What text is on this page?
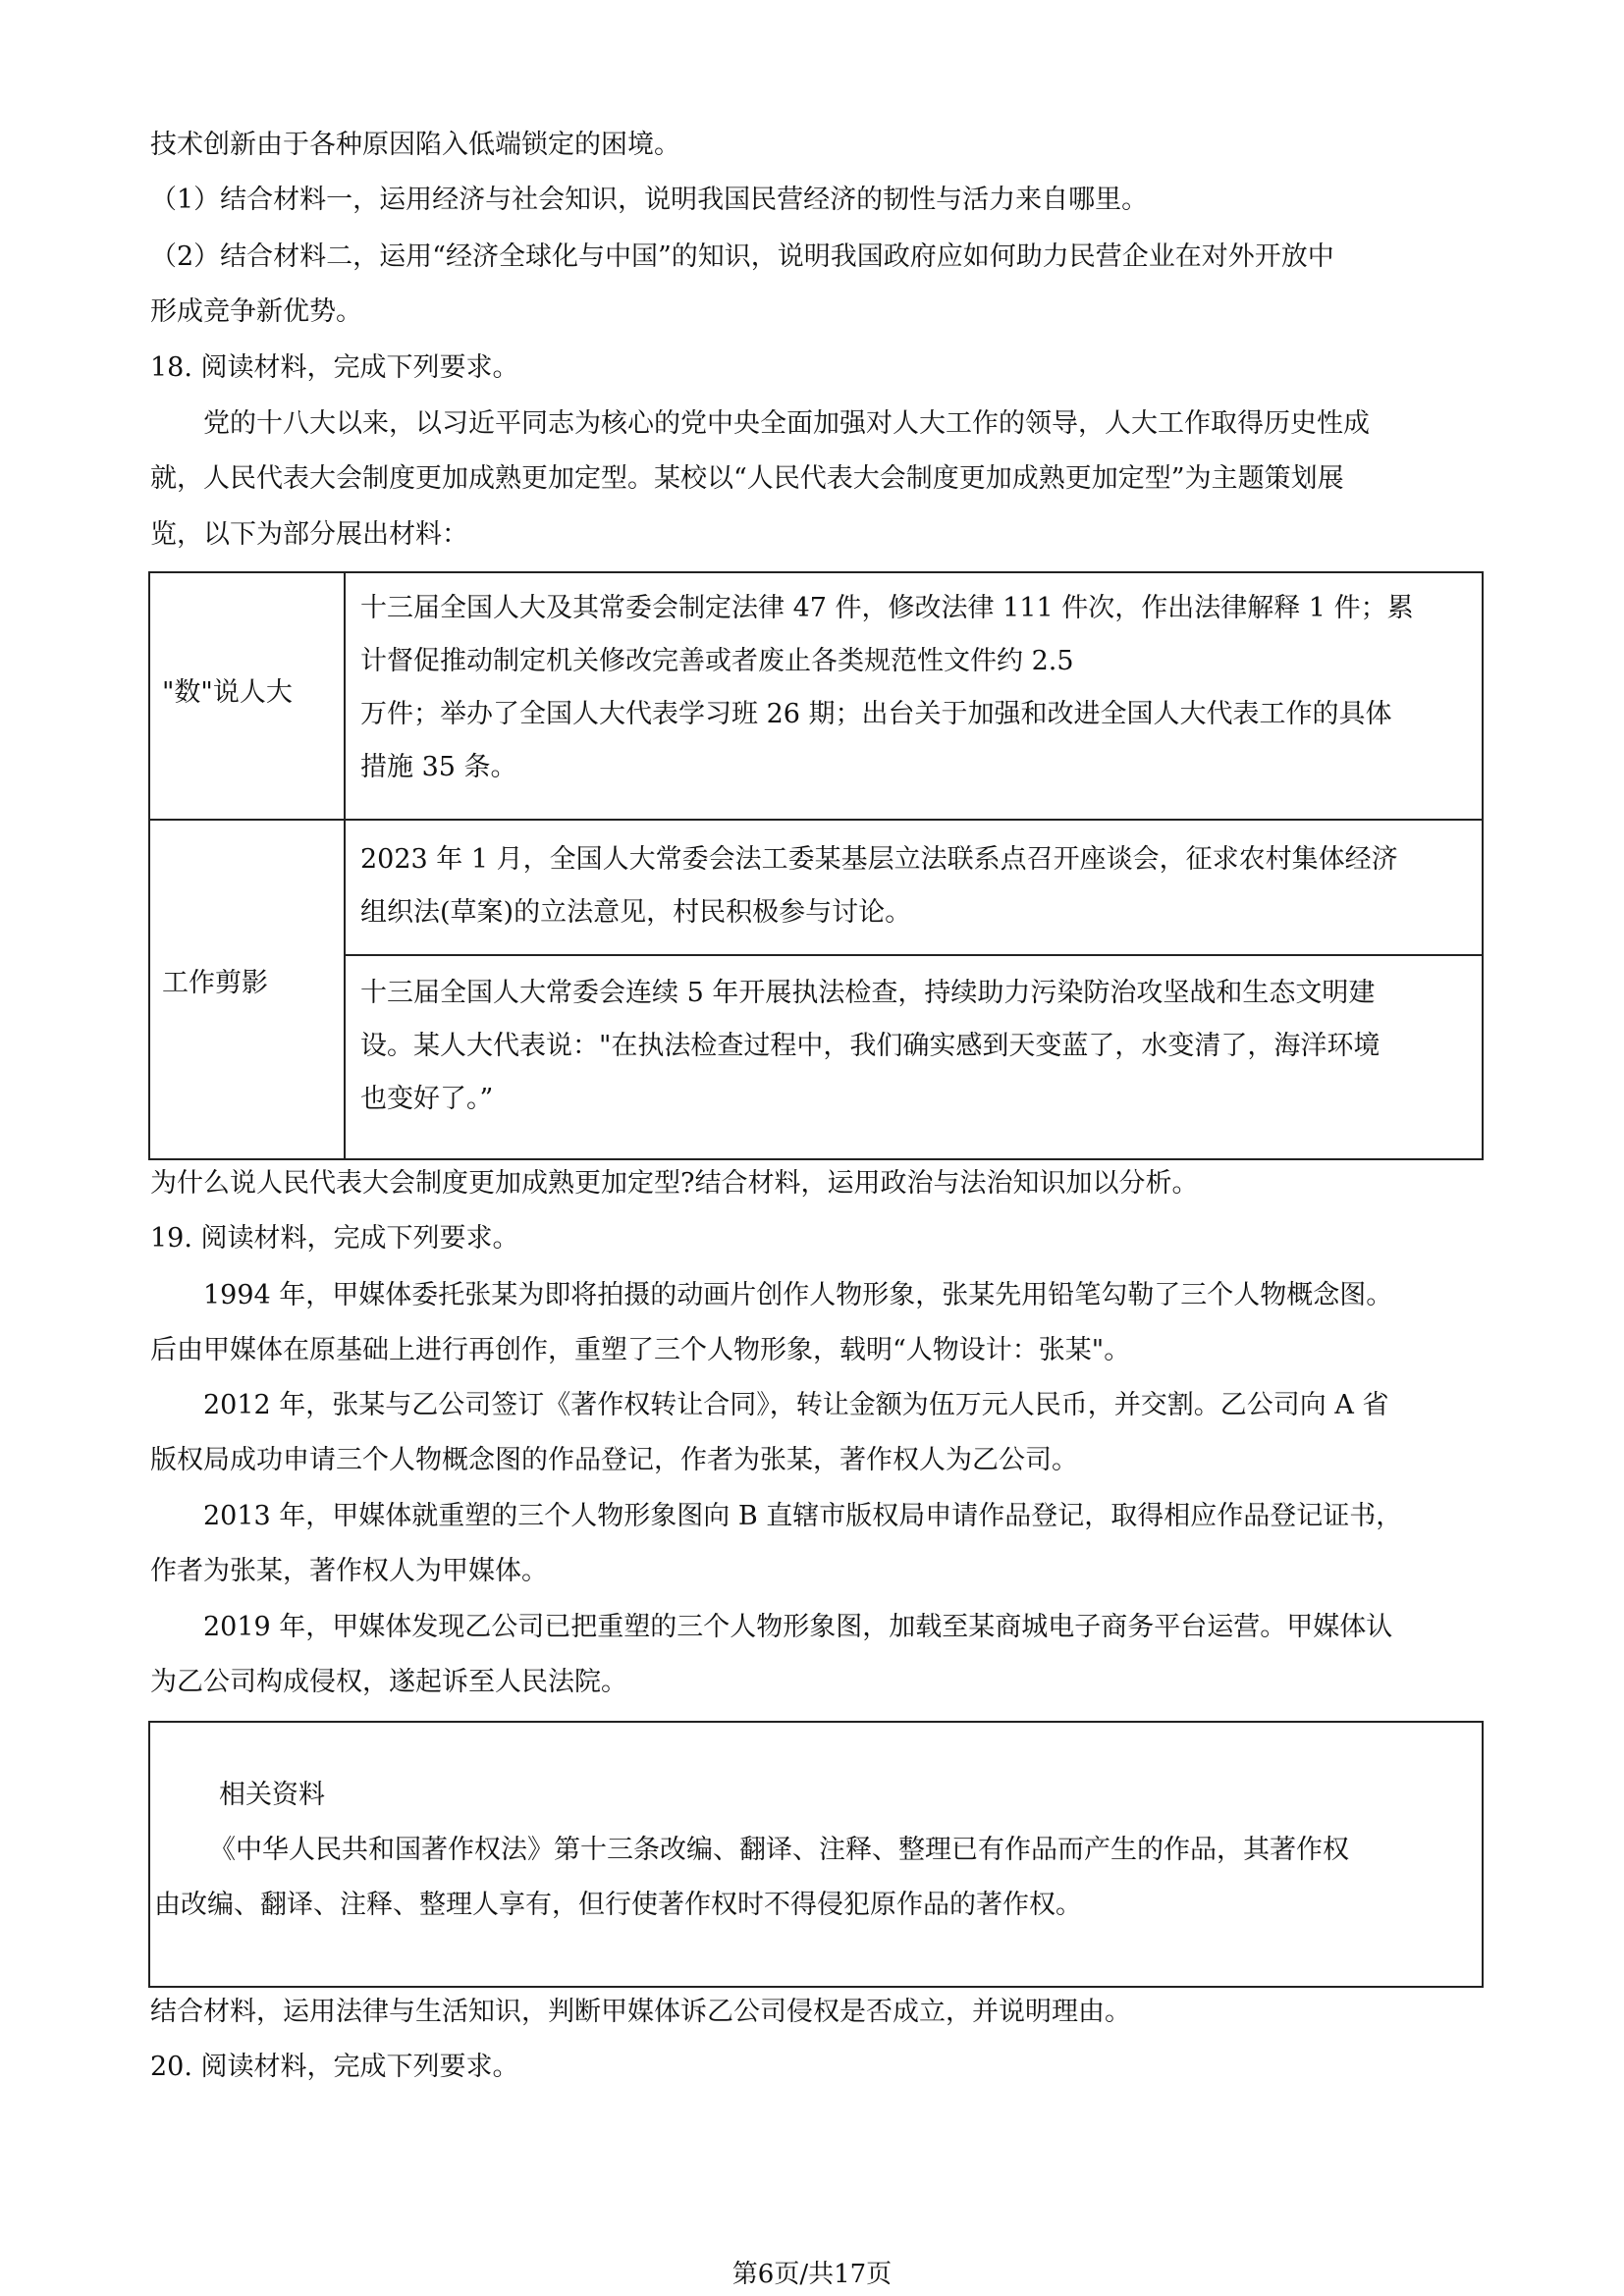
技术创新由于各种原因陷入低端锁定的困境。
（1）结合材料一，运用经济与社会知识，说明我国民营经济的韧性与活力来自哪里。
（2）结合材料二，运用“经济全球化与中国”的知识，说明我国政府应如何助力民营企业在对外开放中
形成竞争新优势。
18. 阅读材料，完成下列要求。
党的十八大以来，以习近平同志为核心的党中央全面加强对人大工作的领导，人大工作取得历史性成
就，人民代表大会制度更加成熟更加定型。某校以“人民代表大会制度更加成熟更加定型”为主题策划展
览，以下为部分展出材料：
"数"说人大
十三届全国人大及其常委会制定法律 47 件，修改法律 111 件次，作出法律解释 1 件；累
计督促推动制定机关修改完善或者废止各类规范性文件约 2.5
万件；举办了全国人大代表学习班 26 期；出台关于加强和改进全国人大代表工作的具体
措施 35 条。
工作剪影
2023 年 1 月，全国人大常委会法工委某基层立法联系点召开座谈会，征求农村集体经济
组织法(草案)的立法意见，村民积极参与讨论。
十三届全国人大常委会连续 5 年开展执法检查，持续助力污染防治攻坚战和生态文明建
设。某人大代表说："在执法检查过程中，我们确实感到天变蓝了，水变清了，海洋环境
也变好了。”
为什么说人民代表大会制度更加成熟更加定型?结合材料，运用政治与法治知识加以分析。
19. 阅读材料，完成下列要求。
1994 年，甲媒体委托张某为即将拍摄的动画片创作人物形象，张某先用铅笔勾勒了三个人物概念图。
后由甲媒体在原基础上进行再创作，重塑了三个人物形象，载明“人物设计：张某"。
2012 年，张某与乙公司签订《著作权转让合同》，转让金额为伍万元人民币，并交割。乙公司向 A 省
版权局成功申请三个人物概念图的作品登记，作者为张某，著作权人为乙公司。
2013 年，甲媒体就重塑的三个人物形象图向 B 直辖市版权局申请作品登记，取得相应作品登记证书，
作者为张某，著作权人为甲媒体。
2019 年，甲媒体发现乙公司已把重塑的三个人物形象图，加载至某商城电子商务平台运营。甲媒体认
为乙公司构成侵权，遂起诉至人民法院。
相关资料
《中华人民共和国著作权法》第十三条改编、翻译、注释、整理已有作品而产生的作品，其著作权
由改编、翻译、注释、整理人享有，但行使著作权时不得侵犯原作品的著作权。
结合材料，运用法律与生活知识，判断甲媒体诉乙公司侵权是否成立，并说明理由。
20. 阅读材料，完成下列要求。
第6页/共17页
